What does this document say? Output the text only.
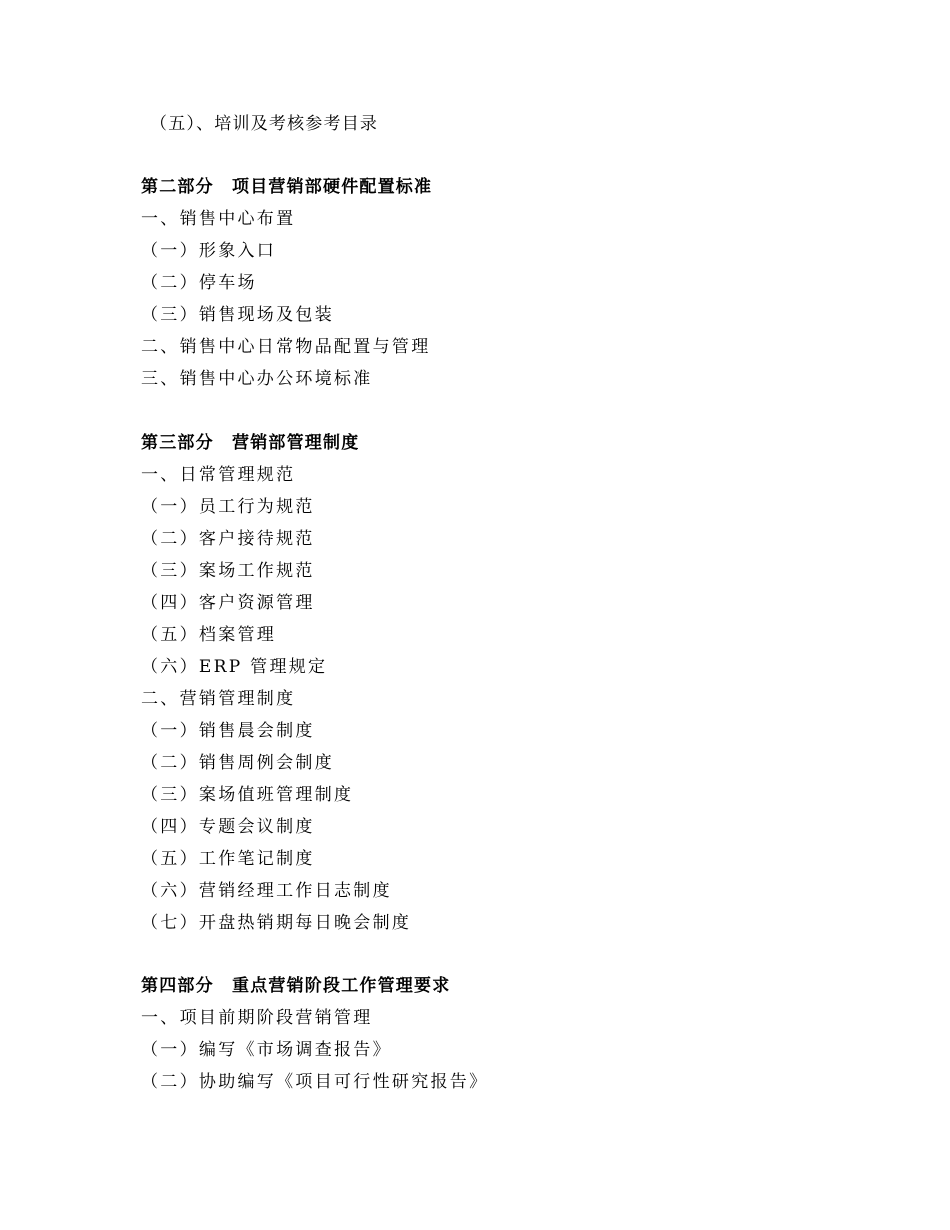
（五）、培训及考核参考目录
第二部分　项目营销部硬件配置标准
一、销售中心布置
（一）形象入口
（二）停车场
（三）销售现场及包装
二、销售中心日常物品配置与管理
三、销售中心办公环境标准
第三部分　营销部管理制度
一、日常管理规范
（一）员工行为规范
（二）客户接待规范
（三）案场工作规范
（四）客户资源管理
（五）档案管理
（六）ERP 管理规定
二、营销管理制度
（一）销售晨会制度
（二）销售周例会制度
（三）案场值班管理制度
（四）专题会议制度
（五）工作笔记制度
（六）营销经理工作日志制度
（七）开盘热销期每日晚会制度
第四部分　重点营销阶段工作管理要求
一、项目前期阶段营销管理
（一）编写《市场调查报告》
（二）协助编写《项目可行性研究报告》
